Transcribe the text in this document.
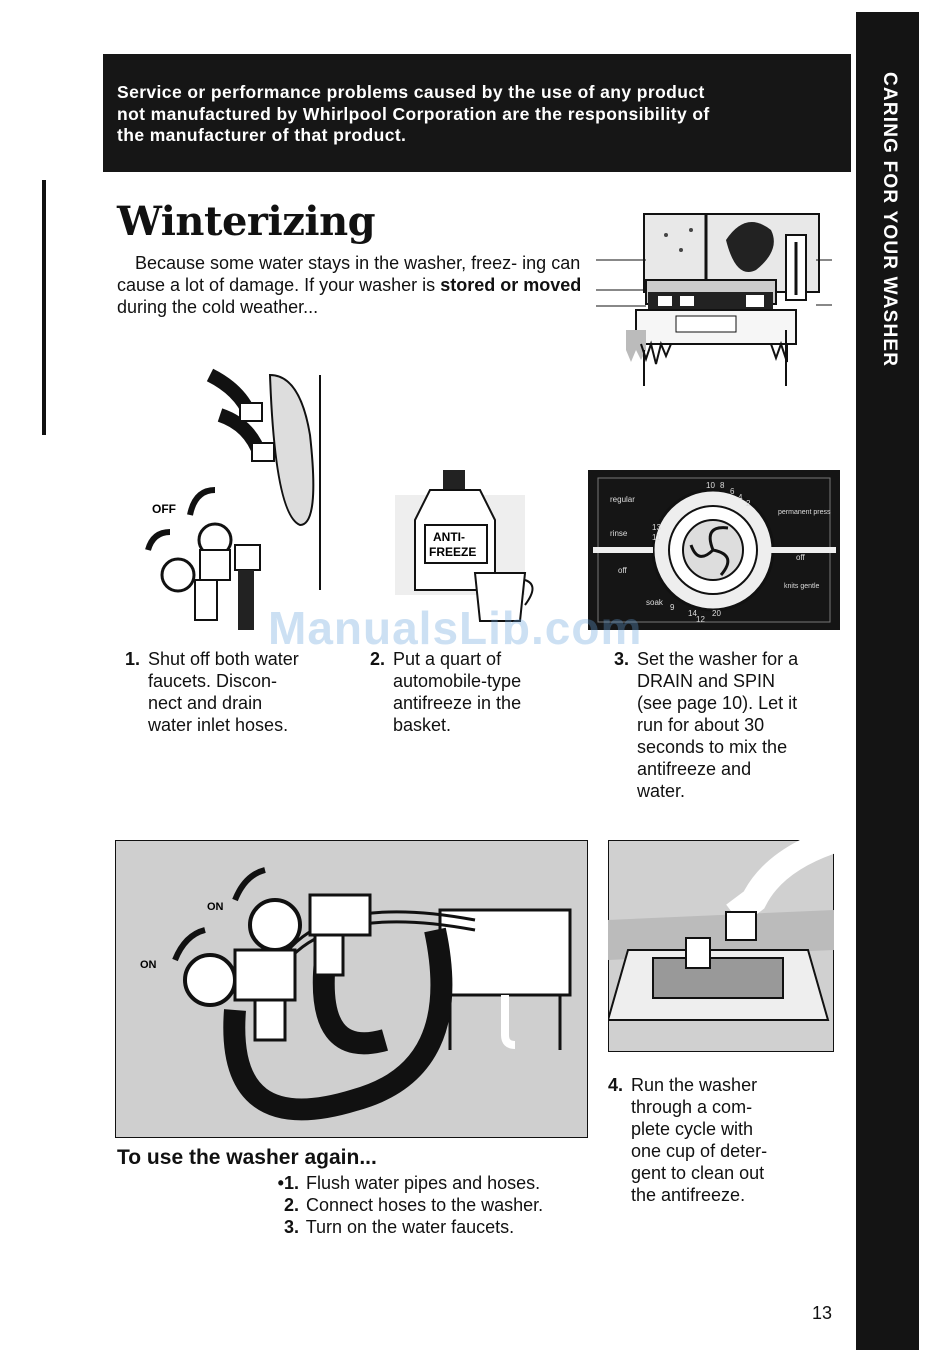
Service or performance problems caused by the use of any product
not manufactured by Whirlpool Corporation are the responsibility of
the manufacturer of that product.	CARING FOR YOUR WASHER
Winterizing
Because some water stays in the washer, freez- ing can cause a lot of damage. If your washer is stored or moved during the cold weather...
OFF
ANTI-
FREEZE
regular
rinse
off
soak
permanent press
off
knits gentle
10 8
6
4
2
13
11
9
14
12
20
ManualsLib.com
1. Shut off both water
faucets. Discon-
nect and drain
water inlet hoses.
2. Put a quart of
automobile-type
antifreeze in the
basket.
3. Set the washer for a
DRAIN and SPIN
(see page 10). Let it
run for about 30
seconds to mix the
antifreeze and
water.
ON
ON
4. Run the washer
through a com-
plete cycle with
one cup of deter-
gent to clean out
the antifreeze.
To use the washer again...
•1. Flush water pipes and hoses.
2. Connect hoses to the washer.
3. Turn on the water faucets.
13
